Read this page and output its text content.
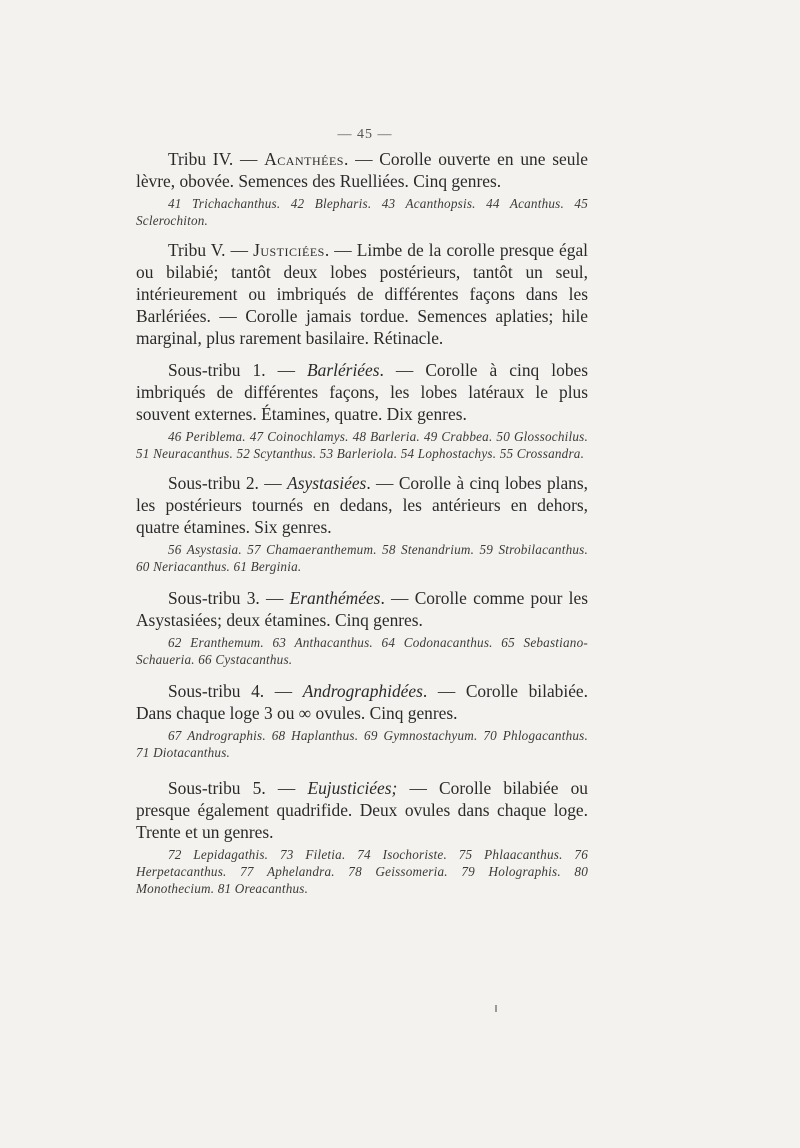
— 45 —

Tribu IV. — Acanthées. — Corolle ouverte en une seule lèvre, obovée. Semences des Ruelliées. Cinq genres.

41 Trichachanthus. 42 Blepharis. 43 Acanthopsis. 44 Acanthus. 45 Sclerochiton.

Tribu V. — Justiciées. — Limbe de la corolle presque égal ou bilabié; tantôt deux lobes postérieurs, tantôt un seul, intérieurement ou imbriqués de différentes façons dans les Barlériées. — Corolle jamais tordue. Semences aplaties; hile marginal, plus rarement basilaire. Rétinacle.

Sous-tribu 1. — Barlériées. — Corolle à cinq lobes imbriqués de différentes façons, les lobes latéraux le plus souvent externes. Étamines, quatre. Dix genres.

46 Periblema. 47 Coinochlamys. 48 Barleria. 49 Crabbea. 50 Glossochilus. 51 Neuracanthus. 52 Scytanthus. 53 Barleriola. 54 Lophostachys. 55 Crossandra.

Sous-tribu 2. — Asystasiées. — Corolle à cinq lobes plans, les postérieurs tournés en dedans, les antérieurs en dehors, quatre étamines. Six genres.

56 Asystasia. 57 Chamaeranthemum. 58 Stenandrium. 59 Strobilacanthus. 60 Neriacanthus. 61 Berginia.

Sous-tribu 3. — Eranthémées. — Corolle comme pour les Asystasiées; deux étamines. Cinq genres.

62 Eranthemum. 63 Anthacanthus. 64 Codonacanthus. 65 Sebastiano-Schaueria. 66 Cystacanthus.

Sous-tribu 4. — Andrographidées. — Corolle bilabiée. Dans chaque loge 3 ou ∞ ovules. Cinq genres.

67 Andrographis. 68 Haplanthus. 69 Gymnostachyum. 70 Phlogacanthus. 71 Diotacanthus.

Sous-tribu 5. — Eujusticiées; — Corolle bilabiée ou presque également quadrifide. Deux ovules dans chaque loge. Trente et un genres.

72 Lepidagathis. 73 Filetia. 74 Isochoriste. 75 Phlaacanthus. 76 Herpetacanthus. 77 Aphelandra. 78 Geissomeria. 79 Holographis. 80 Monothecium. 81 Oreacanthus.
